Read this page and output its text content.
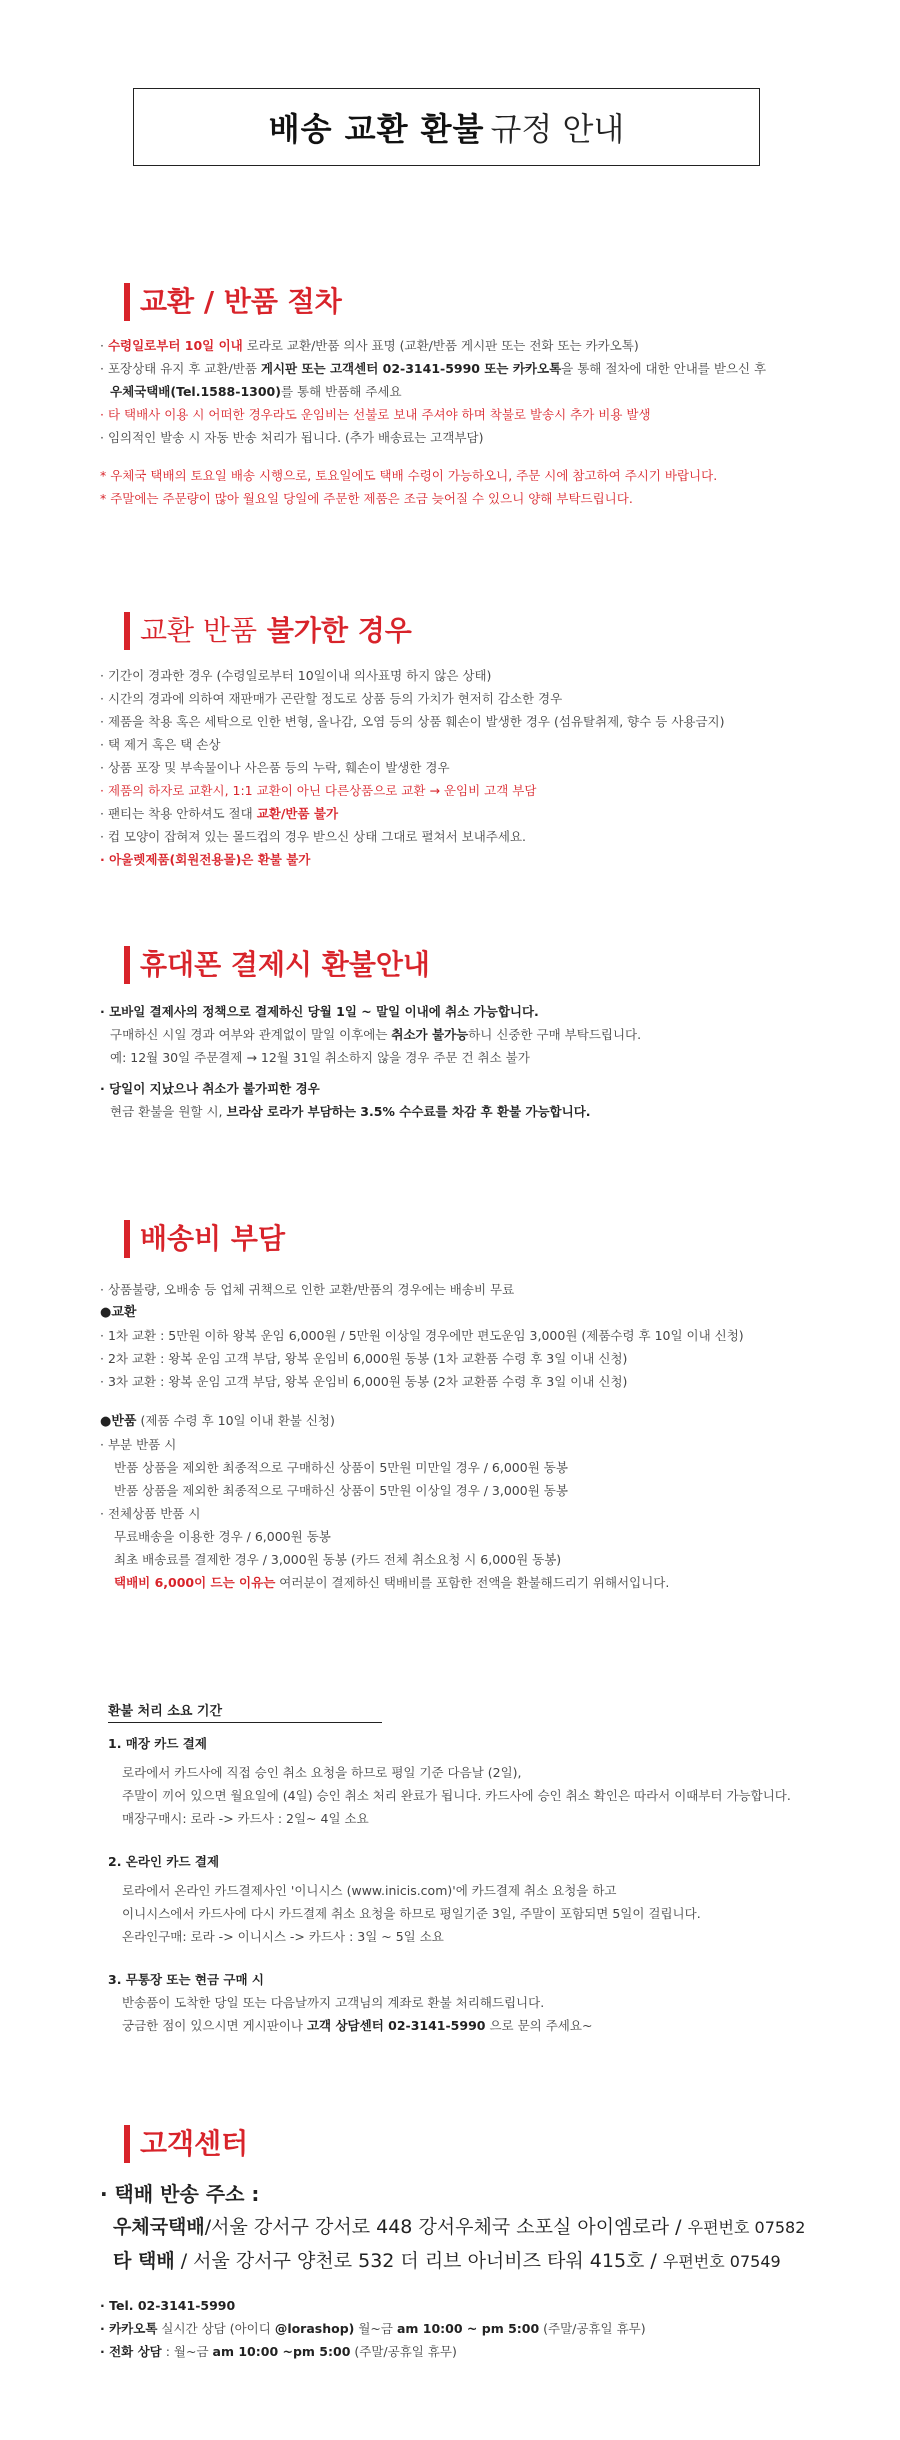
배송 교환 환불 규정 안내
교환 / 반품 절차

· 수령일로부터 10일 이내 로라로 교환/반품 의사 표명 (교환/반품 게시판 또는 전화 또는 카카오톡)

· 포장상태 유지 후 교환/반품 게시판 또는 고객센터 02-3141-5990 또는 카카오톡을 통해 절차에 대한 안내를 받으신 후

우체국택배(Tel.1588-1300)를 통해 반품해 주세요

· 타 택배사 이용 시 어떠한 경우라도 운임비는 선불로 보내 주셔야 하며 착불로 발송시 추가 비용 발생

· 임의적인 발송 시 자동 반송 처리가 됩니다. (추가 배송료는 고객부담)

* 우체국 택배의 토요일 배송 시행으로, 토요일에도 택배 수령이 가능하오니, 주문 시에 참고하여 주시기 바랍니다.

* 주말에는 주문량이 많아 월요일 당일에 주문한 제품은 조금 늦어질 수 있으니 양해 부탁드립니다.

교환 반품 불가한 경우

· 기간이 경과한 경우 (수령일로부터 10일이내 의사표명 하지 않은 상태)

· 시간의 경과에 의하여 재판매가 곤란할 정도로 상품 등의 가치가 현저히 감소한 경우

· 제품을 착용 혹은 세탁으로 인한 변형, 올나감, 오염 등의 상품 훼손이 발생한 경우 (섬유탈취제, 향수 등 사용금지)

· 택 제거 혹은 택 손상

· 상품 포장 및 부속물이나 사은품 등의 누락, 훼손이 발생한 경우

· 제품의 하자로 교환시, 1:1 교환이 아닌 다른상품으로 교환 → 운임비 고객 부담

· 팬티는 착용 안하셔도 절대 교환/반품 불가

· 컵 모양이 잡혀져 있는 몰드컵의 경우 받으신 상태 그대로 펼쳐서 보내주세요.

· 아울렛제품(회원전용몰)은 환불 불가

휴대폰 결제시 환불안내

· 모바일 결제사의 정책으로 결제하신 당월 1일 ~ 말일 이내에 취소 가능합니다.

구매하신 시일 경과 여부와 관계없이 말일 이후에는 취소가 불가능하니 신중한 구매 부탁드립니다.

예: 12월 30일 주문결제 → 12월 31일 취소하지 않을 경우 주문 건 취소 불가

· 당일이 지났으나 취소가 불가피한 경우

현금 환불을 원할 시, 브라삼 로라가 부담하는 3.5% 수수료를 차감 후 환불 가능합니다.

배송비 부담

· 상품불량, 오배송 등 업체 귀책으로 인한 교환/반품의 경우에는 배송비 무료

●교환

· 1차 교환 : 5만원 이하 왕복 운임 6,000원 / 5만원 이상일 경우에만 편도운임 3,000원 (제품수령 후 10일 이내 신청)

· 2차 교환 : 왕복 운임 고객 부담, 왕복 운임비 6,000원 동봉 (1차 교환품 수령 후 3일 이내 신청)

· 3차 교환 : 왕복 운임 고객 부담, 왕복 운임비 6,000원 동봉 (2차 교환품 수령 후 3일 이내 신청)

●반품 (제품 수령 후 10일 이내 환불 신청)

· 부분 반품 시

반품 상품을 제외한 최종적으로 구매하신 상품이 5만원 미만일 경우 / 6,000원 동봉

반품 상품을 제외한 최종적으로 구매하신 상품이 5만원 이상일 경우 / 3,000원 동봉

· 전체상품 반품 시

무료배송을 이용한 경우 / 6,000원 동봉

최초 배송료를 결제한 경우 / 3,000원 동봉 (카드 전체 취소요청 시 6,000원 동봉)

택배비 6,000이 드는 이유는 여러분이 결제하신 택배비를 포함한 전액을 환불해드리기 위해서입니다.

환불 처리 소요 기간

1. 매장 카드 결제

로라에서 카드사에 직접 승인 취소 요청을 하므로 평일 기준 다음날 (2일),

주말이 끼어 있으면 월요일에 (4일) 승인 취소 처리 완료가 됩니다. 카드사에 승인 취소 확인은 따라서 이때부터 가능합니다.

매장구매시: 로라 -> 카드사 : 2일~ 4일 소요

2. 온라인 카드 결제

로라에서 온라인 카드결제사인 '이니시스 (www.inicis.com)'에 카드결제 취소 요청을 하고

이니시스에서 카드사에 다시 카드결제 취소 요청을 하므로 평일기준 3일, 주말이 포함되면 5일이 걸립니다.

온라인구매: 로라 -> 이니시스 -> 카드사 : 3일 ~ 5일 소요

3. 무통장 또는 현금 구매 시

반송품이 도착한 당일 또는 다음날까지 고객님의 계좌로 환불 처리해드립니다.

궁금한 점이 있으시면 게시판이나 고객 상담센터 02-3141-5990 으로 문의 주세요~

고객센터
· 택배 반송 주소 :
우체국택배/서울 강서구 강서로 448 강서우체국 소포실 아이엠로라 / 우편번호 07582
타 택배 / 서울 강서구 양천로 532 더 리브 아너비즈 타워 415호 / 우편번호 07549

· Tel. 02-3141-5990

· 카카오톡 실시간 상담 (아이디 @lorashop) 월~금 am 10:00 ~ pm 5:00 (주말/공휴일 휴무)

· 전화 상담 : 월~금 am 10:00 ~pm 5:00 (주말/공휴일 휴무)
